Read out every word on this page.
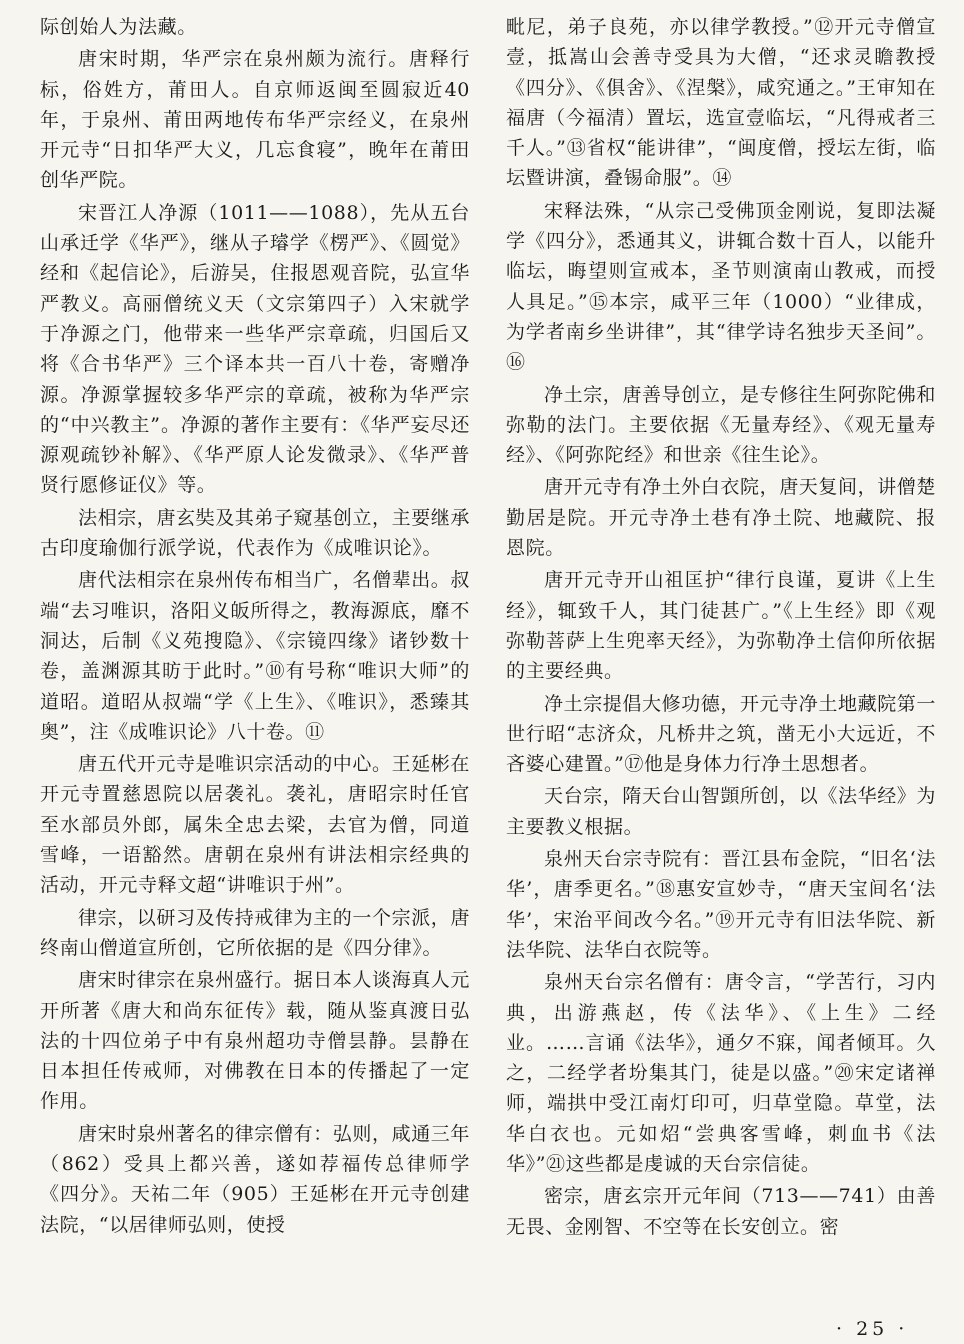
际创始人为法藏。

唐宋时期，华严宗在泉州颇为流行。唐释行标，俗姓方，莆田人。自京师返闽至圆寂近40年，于泉州、莆田两地传布华严宗经义，在泉州开元寺“日扣华严大义，几忘食寝”，晚年在莆田创华严院。

宋晋江人净源（1011——1088），先从五台山承迁学《华严》，继从子璿学《楞严》、《圆觉》经和《起信论》，后游吴，住报恩观音院，弘宣华严教义。高丽僧统义天（文宗第四子）入宋就学于净源之门，他带来一些华严宗章疏，归国后又将《合书华严》三个译本共一百八十卷，寄赠净源。净源掌握较多华严宗的章疏，被称为华严宗的“中兴教主”。净源的著作主要有：《华严妄尽还源观疏钞补解》、《华严原人论发微录》、《华严普贤行愿修证仪》等。

法相宗，唐玄奘及其弟子窥基创立，主要继承古印度瑜伽行派学说，代表作为《成唯识论》。

唐代法相宗在泉州传布相当广，名僧辈出。叔端“去习唯识，洛阳义皈所得之，教海源底，靡不洞达，后制《义苑搜隐》、《宗镜四缘》诸钞数十卷，盖渊源其昉于此时。”⑩有号称“唯识大师”的道昭。道昭从叔端“学《上生》、《唯识》，悉臻其奥”，注《成唯识论》八十卷。⑪

唐五代开元寺是唯识宗活动的中心。王延彬在开元寺置慈恩院以居袭礼。袭礼，唐昭宗时任官至水部员外郎，属朱全忠去梁，去官为僧，同道雪峰，一语豁然。唐朝在泉州有讲法相宗经典的活动，开元寺释文超“讲唯识于州”。

律宗，以研习及传持戒律为主的一个宗派，唐终南山僧道宣所创，它所依据的是《四分律》。

唐宋时律宗在泉州盛行。据日本人谈海真人元开所著《唐大和尚东征传》载，随从鉴真渡日弘法的十四位弟子中有泉州超功寺僧昙静。昙静在日本担任传戒师，对佛教在日本的传播起了一定作用。

唐宋时泉州著名的律宗僧有：弘则，咸通三年（862）受具上都兴善，遂如荐福传总律师学《四分》。天祐二年（905）王延彬在开元寺创建法院，“以居律师弘则，使授

毗尼，弟子良苑，亦以律学教授。”⑫开元寺僧宣壹，抵嵩山会善寺受具为大僧，“还求灵瞻教授《四分》、《俱舍》、《涅槃》，咸究通之。”王审知在福唐（今福清）置坛，选宣壹临坛，“凡得戒者三千人。”⑬省权“能讲律”，“闽度僧，授坛左街，临坛暨讲演，叠锡命服”。⑭

宋释法殊，“从宗己受佛顶金刚说，复即法凝学《四分》，悉通其义，讲辄合数十百人，以能升临坛，晦望则宣戒本，圣节则演南山教戒，而授人具足。”⑮本宗，咸平三年（1000）“业律成，为学者南乡坐讲律”，其“律学诗名独步天圣间”。⑯

净土宗，唐善导创立，是专修往生阿弥陀佛和弥勒的法门。主要依据《无量寿经》、《观无量寿经》、《阿弥陀经》和世亲《往生论》。

唐开元寺有净土外白衣院，唐天复间，讲僧楚勤居是院。开元寺净土巷有净土院、地藏院、报恩院。

唐开元寺开山祖匡护“律行良谨，夏讲《上生经》，辄致千人，其门徒甚广。”《上生经》即《观弥勒菩萨上生兜率天经》，为弥勒净土信仰所依据的主要经典。

净土宗提倡大修功德，开元寺净土地藏院第一世行昭“志济众，凡桥井之筑，凿无小大远近，不吝婆心建置。”⑰他是身体力行净土思想者。

天台宗，隋天台山智顗所创，以《法华经》为主要教义根据。

泉州天台宗寺院有：晋江县布金院，“旧名‘法华’，唐季更名。”⑱惠安宣妙寺，“唐天宝间名‘法华’，宋治平间改今名。”⑲开元寺有旧法华院、新法华院、法华白衣院等。

泉州天台宗名僧有：唐令言，“学苦行，习内典，出游燕赵，传《法华》、《上生》二经业。……言诵《法华》，通夕不寐，闻者倾耳。久之，二经学者坋集其门，徒是以盛。”⑳宋定诸禅师，端拱中受江南灯印可，归草堂隐。草堂，法华白衣也。元如炤“尝典客雪峰，刺血书《法华》”㉑这些都是虔诚的天台宗信徒。

密宗，唐玄宗开元年间（713——741）由善无畏、金刚智、不空等在长安创立。密

· 25 ·
